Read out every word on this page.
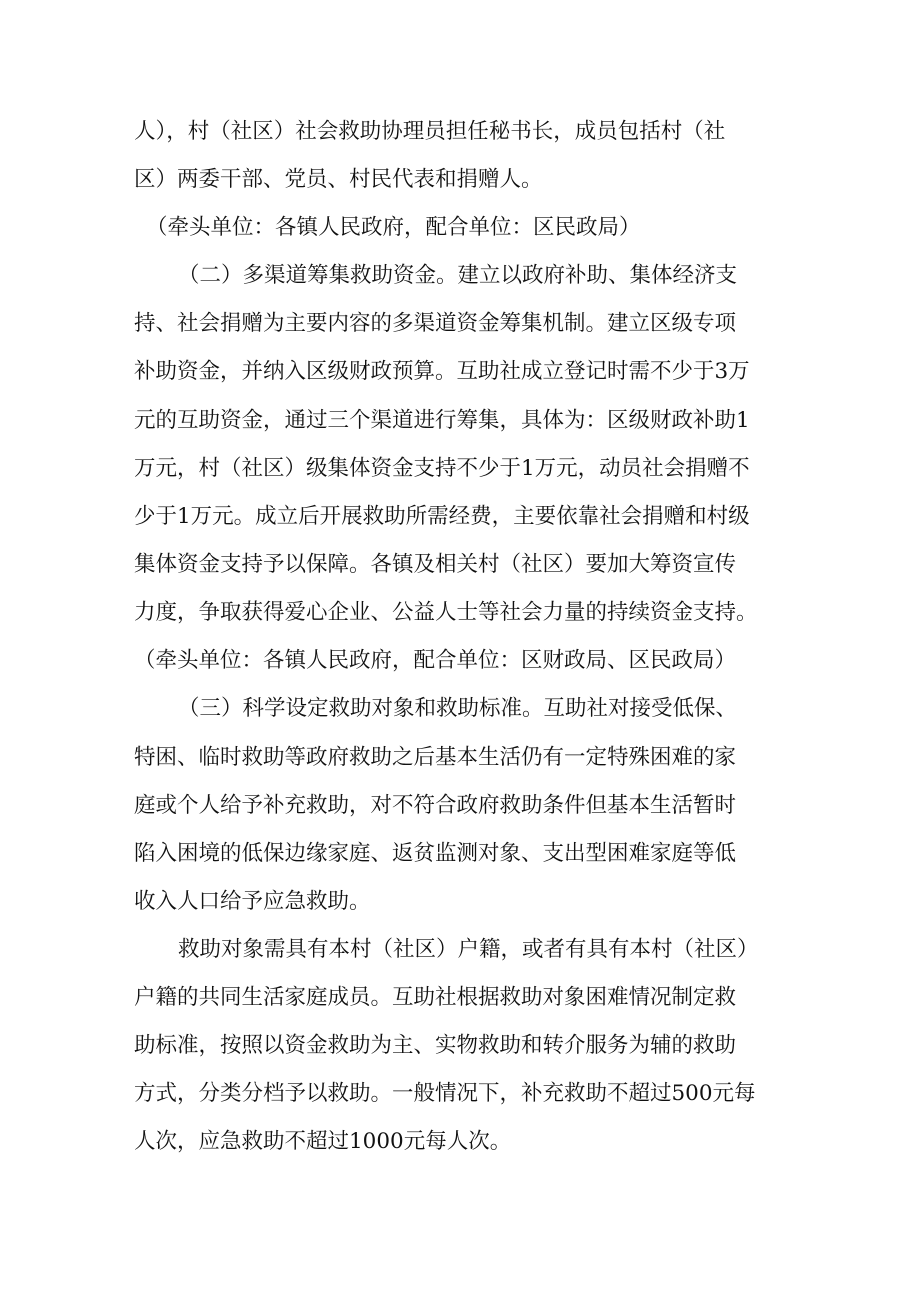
人），村（社区）社会救助协理员担任秘书长，成员包括村（社
区）两委干部、党员、村民代表和捐赠人。
（牵头单位：各镇人民政府，配合单位：区民政局）
（二）多渠道筹集救助资金。建立以政府补助、集体经济支
持、社会捐赠为主要内容的多渠道资金筹集机制。建立区级专项
补助资金，并纳入区级财政预算。互助社成立登记时需不少于3万
元的互助资金，通过三个渠道进行筹集，具体为：区级财政补助1
万元，村（社区）级集体资金支持不少于1万元，动员社会捐赠不
少于1万元。成立后开展救助所需经费，主要依靠社会捐赠和村级
集体资金支持予以保障。各镇及相关村（社区）要加大筹资宣传
力度，争取获得爱心企业、公益人士等社会力量的持续资金支持。
（牵头单位：各镇人民政府，配合单位：区财政局、区民政局）
（三）科学设定救助对象和救助标准。互助社对接受低保、
特困、临时救助等政府救助之后基本生活仍有一定特殊困难的家
庭或个人给予补充救助，对不符合政府救助条件但基本生活暂时
陷入困境的低保边缘家庭、返贫监测对象、支出型困难家庭等低
收入人口给予应急救助。
救助对象需具有本村（社区）户籍，或者有具有本村（社区）
户籍的共同生活家庭成员。互助社根据救助对象困难情况制定救
助标准，按照以资金救助为主、实物救助和转介服务为辅的救助
方式，分类分档予以救助。一般情况下，补充救助不超过500元每
人次，应急救助不超过1000元每人次。
